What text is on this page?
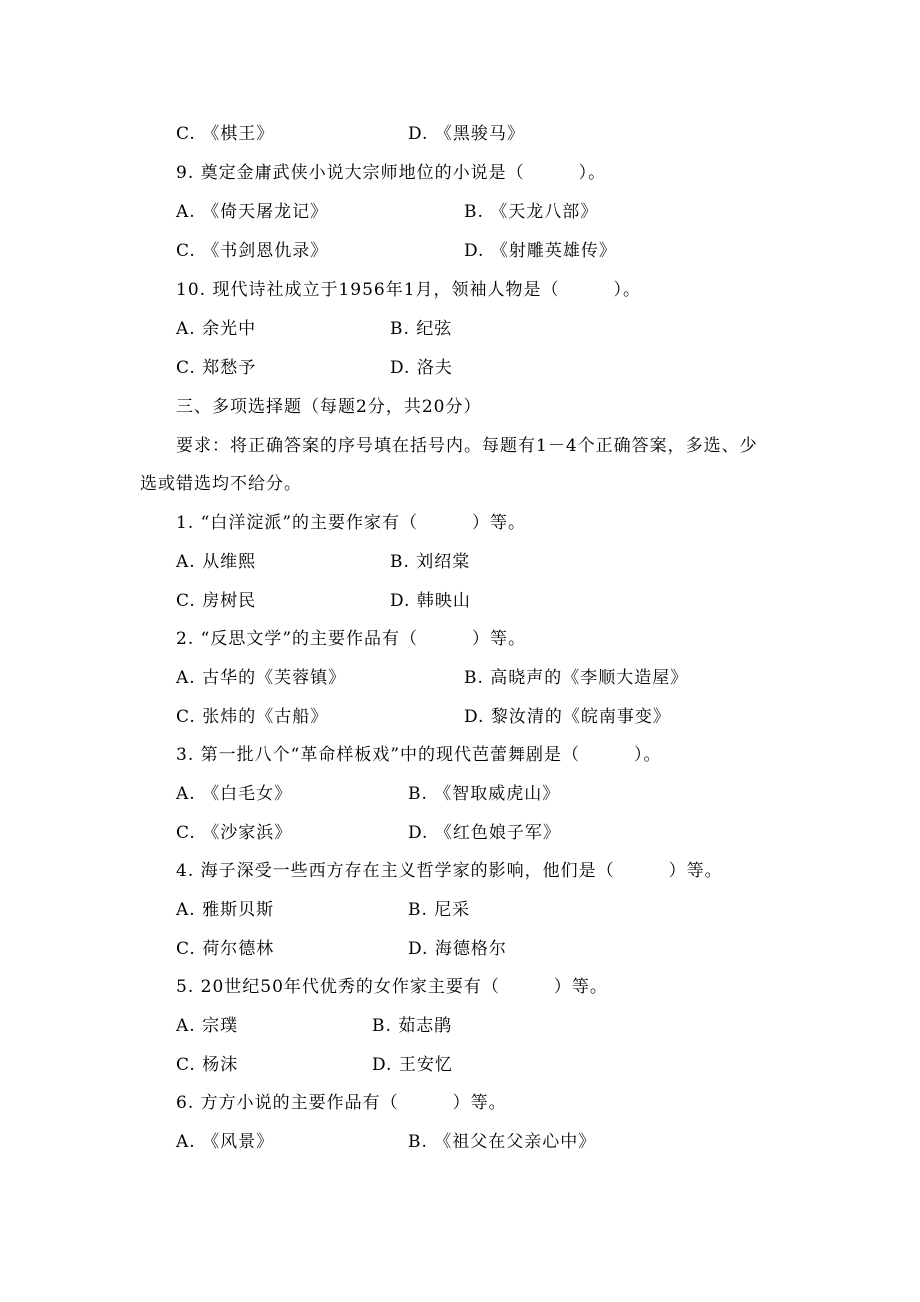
C. 《棋王》	D. 《黑骏马》
9. 奠定金庸武侠小说大宗师地位的小说是（　　　）。
A. 《倚天屠龙记》	B. 《天龙八部》
C. 《书剑恩仇录》	D. 《射雕英雄传》
10. 现代诗社成立于1956年1月，领袖人物是（　　　）。
A. 余光中	B. 纪弦
C. 郑愁予	D. 洛夫
三、多项选择题（每题2分，共20分）
要求：将正确答案的序号填在括号内。每题有1－4个正确答案，多选、少
选或错选均不给分。
1. “白洋淀派”的主要作家有（　　　）等。
A. 从维熙	B. 刘绍棠
C. 房树民	D. 韩映山
2. “反思文学”的主要作品有（　　　）等。
A. 古华的《芙蓉镇》	B. 高晓声的《李顺大造屋》
C. 张炜的《古船》	D. 黎汝清的《皖南事变》
3. 第一批八个“革命样板戏”中的现代芭蕾舞剧是（　　　）。
A. 《白毛女》	B. 《智取威虎山》
C. 《沙家浜》	D. 《红色娘子军》
4. 海子深受一些西方存在主义哲学家的影响，他们是（　　　）等。
A. 雅斯贝斯	B. 尼采
C. 荷尔德林	D. 海德格尔
5. 20世纪50年代优秀的女作家主要有（　　　）等。
A. 宗璞	B. 茹志鹃
C. 杨沫	D. 王安忆
6. 方方小说的主要作品有（　　　）等。
A. 《风景》	B. 《祖父在父亲心中》
